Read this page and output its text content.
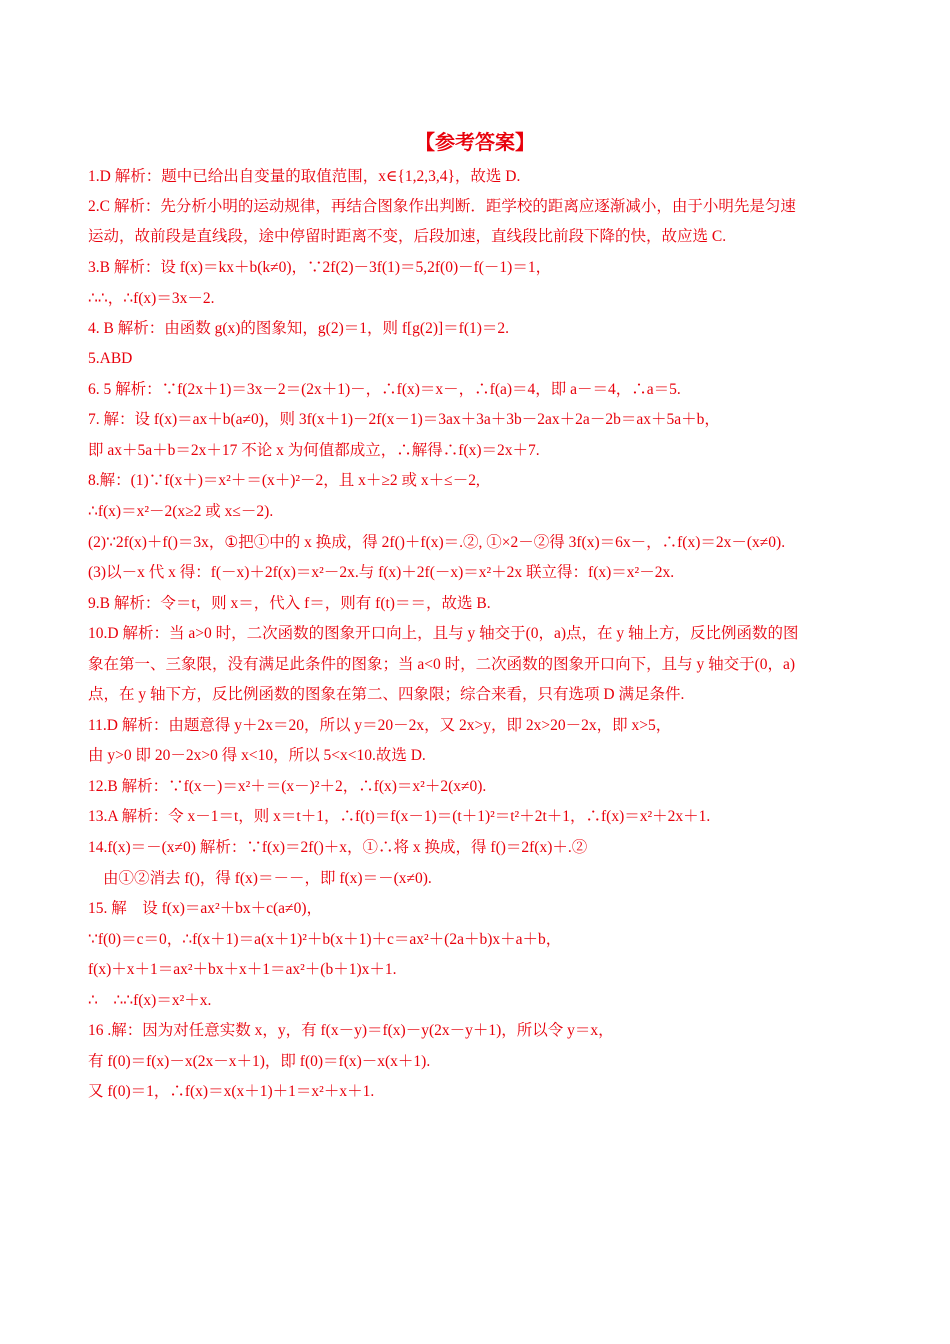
【参考答案】
1.D 解析：题中已给出自变量的取值范围，x∈{1,2,3,4}，故选 D.
2.C 解析：先分析小明的运动规律，再结合图象作出判断．距学校的距离应逐渐减小，由于小明先是匀速
运动，故前段是直线段，途中停留时距离不变，后段加速，直线段比前段下降的快，故应选 C.
3.B 解析：设 f(x)＝kx＋b(k≠0)，∵2f(2)－3f(1)＝5,2f(0)－f(－1)＝1，
∴∴，∴f(x)＝3x－2.
4. B 解析：由函数 g(x)的图象知，g(2)＝1，则 f[g(2)]＝f(1)＝2.
5.ABD
6. 5 解析：∵f(2x＋1)＝3x－2＝(2x＋1)－，∴f(x)＝x－，∴f(a)＝4，即 a－＝4，∴a＝5.
7. 解：设 f(x)＝ax＋b(a≠0)，则 3f(x＋1)－2f(x－1)＝3ax＋3a＋3b－2ax＋2a－2b＝ax＋5a＋b，
即 ax＋5a＋b＝2x＋17 不论 x 为何值都成立，∴解得∴f(x)＝2x＋7.
8.解：(1)∵f(x＋)＝x²＋＝(x＋)²－2，且 x＋≥2 或 x＋≤－2,
∴f(x)＝x²－2(x≥2 或 x≤－2).
(2)∵2f(x)＋f()＝3x，①把①中的 x 换成，得 2f()＋f(x)＝.②, ①×2－②得 3f(x)＝6x－，∴f(x)＝2x－(x≠0).
(3)以－x 代 x 得：f(－x)＋2f(x)＝x²－2x.与 f(x)＋2f(－x)＝x²＋2x 联立得：f(x)＝x²－2x.
9.B 解析：令＝t，则 x＝，代入 f＝，则有 f(t)＝＝，故选 B.
10.D 解析：当 a>0 时，二次函数的图象开口向上，且与 y 轴交于(0，a)点，在 y 轴上方，反比例函数的图
象在第一、三象限，没有满足此条件的图象；当 a<0 时，二次函数的图象开口向下，且与 y 轴交于(0，a)
点，在 y 轴下方，反比例函数的图象在第二、四象限；综合来看，只有选项 D 满足条件.
11.D 解析：由题意得 y＋2x＝20，所以 y＝20－2x，又 2x>y，即 2x>20－2x，即 x>5，
由 y>0 即 20－2x>0 得 x<10，所以 5<x<10.故选 D.
12.B 解析：∵f(x－)＝x²＋＝(x－)²＋2，∴f(x)＝x²＋2(x≠0).
13.A 解析：令 x－1＝t，则 x＝t＋1，∴f(t)＝f(x－1)＝(t＋1)²＝t²＋2t＋1，∴f(x)＝x²＋2x＋1.
14.f(x)＝－(x≠0) 解析：∵f(x)＝2f()＋x，①∴将 x 换成，得 f()＝2f(x)＋.②
由①②消去 f()，得 f(x)＝－－，即 f(x)＝－(x≠0).
15. 解　设 f(x)＝ax²＋bx＋c(a≠0)，
∵f(0)＝c＝0，∴f(x＋1)＝a(x＋1)²＋b(x＋1)＋c＝ax²＋(2a＋b)x＋a＋b，
f(x)＋x＋1＝ax²＋bx＋x＋1＝ax²＋(b＋1)x＋1.
∴　∴∴f(x)＝x²＋x.
16 .解：因为对任意实数 x，y，有 f(x－y)＝f(x)－y(2x－y＋1)，所以令 y＝x，
有 f(0)＝f(x)－x(2x－x＋1)，即 f(0)＝f(x)－x(x＋1).
又 f(0)＝1，∴f(x)＝x(x＋1)＋1＝x²＋x＋1.
